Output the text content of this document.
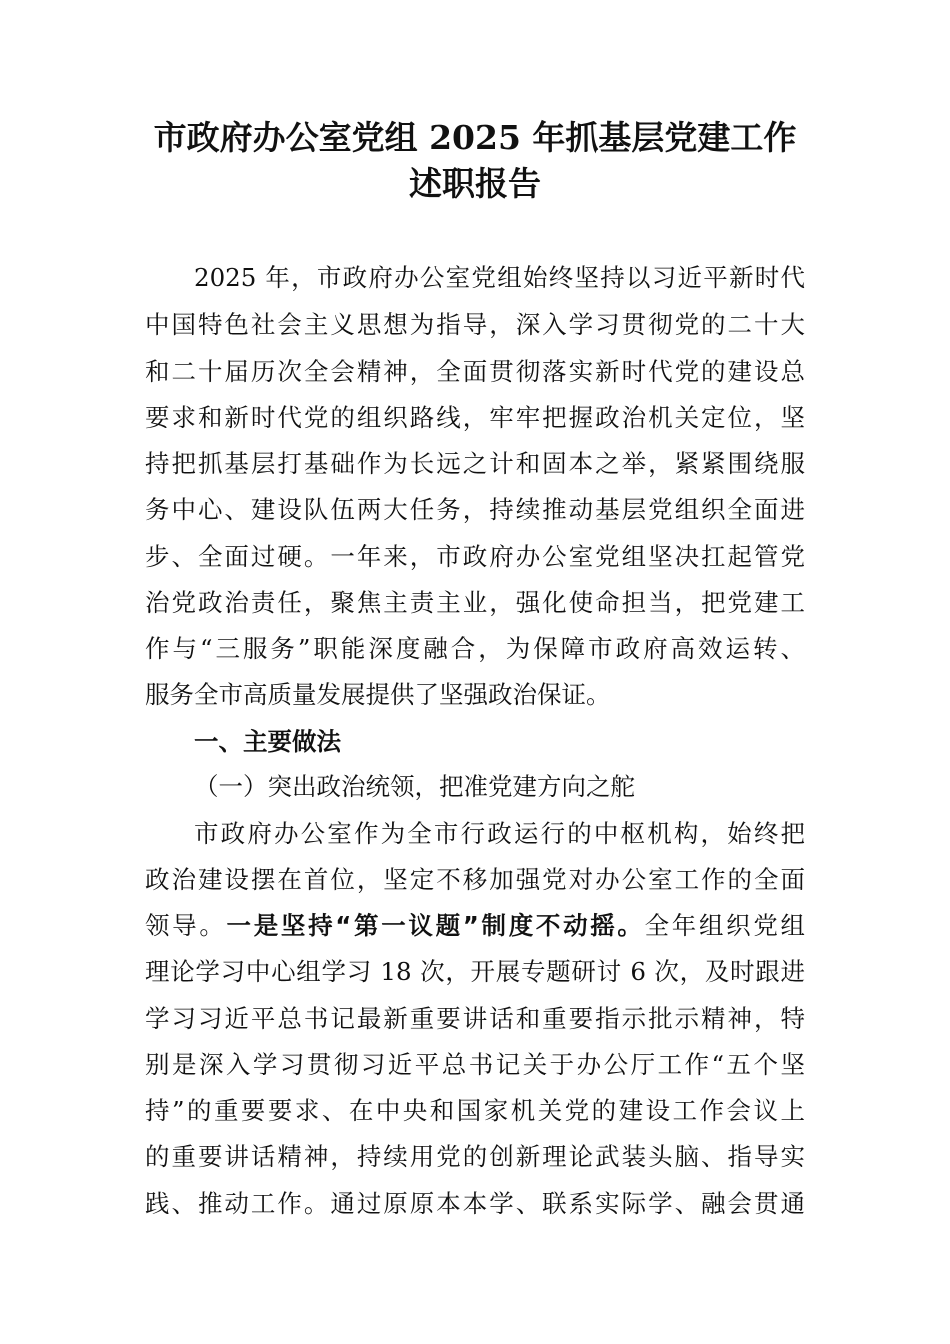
市政府办公室党组 2025 年抓基层党建工作
述职报告
2025 年，市政府办公室党组始终坚持以习近平新时代
中国特色社会主义思想为指导，深入学习贯彻党的二十大
和二十届历次全会精神，全面贯彻落实新时代党的建设总
要求和新时代党的组织路线，牢牢把握政治机关定位，坚
持把抓基层打基础作为长远之计和固本之举，紧紧围绕服
务中心、建设队伍两大任务，持续推动基层党组织全面进
步、全面过硬。一年来，市政府办公室党组坚决扛起管党
治党政治责任，聚焦主责主业，强化使命担当，把党建工
作与“三服务”职能深度融合，为保障市政府高效运转、
服务全市高质量发展提供了坚强政治保证。
一、主要做法
（一）突出政治统领，把准党建方向之舵
市政府办公室作为全市行政运行的中枢机构，始终把
政治建设摆在首位，坚定不移加强党对办公室工作的全面
领导。一是坚持“第一议题”制度不动摇。全年组织党组
理论学习中心组学习 18 次，开展专题研讨 6 次，及时跟进
学习习近平总书记最新重要讲话和重要指示批示精神，特
别是深入学习贯彻习近平总书记关于办公厅工作“五个坚
持”的重要要求、在中央和国家机关党的建设工作会议上
的重要讲话精神，持续用党的创新理论武装头脑、指导实
践、推动工作。通过原原本本学、联系实际学、融会贯通
